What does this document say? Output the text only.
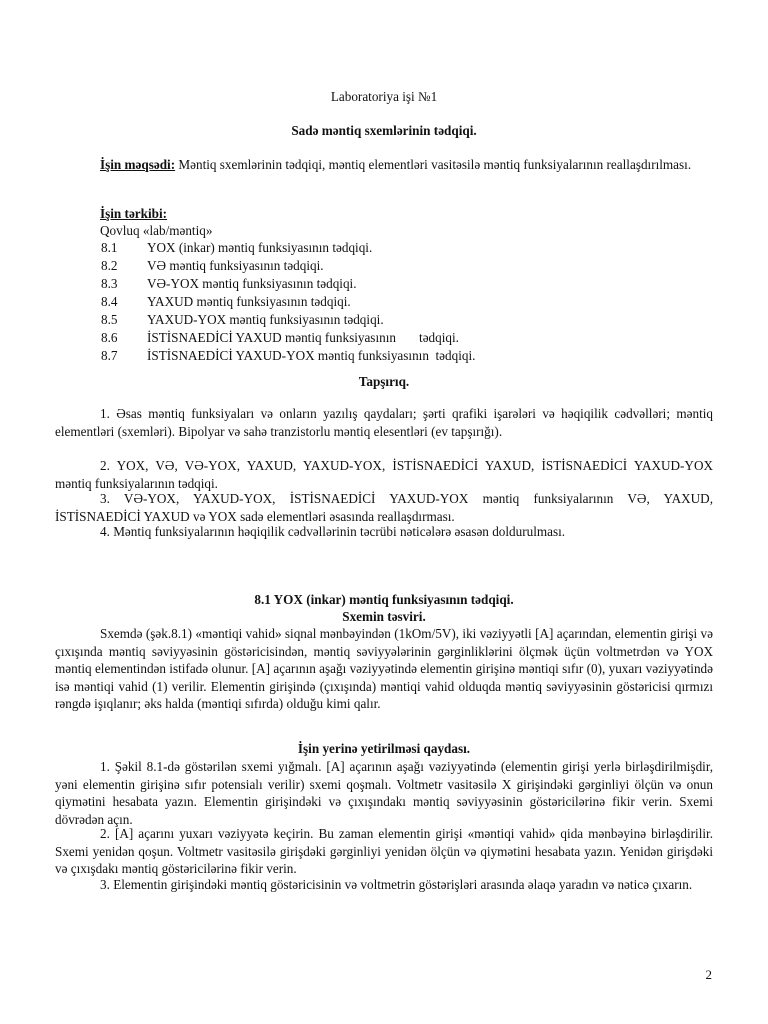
Laboratoriya işi №1

Sadə məntiq sxemlərinin tədqiqi.

İşin məqsədi: Məntiq sxemlərinin tədqiqi, məntiq elementləri vasitəsilə məntiq funksiyalarının reallaşdırılması.

İşin tərkibi:

Qovluq «lab/məntiq»

8.1 YOX (inkar) məntiq funksiyasının tədqiqi.
8.2 VƏ məntiq funksiyasının tədqiqi.
8.3 VƏ-YOX məntiq funksiyasının tədqiqi.
8.4 YAXUD məntiq funksiyasının tədqiqi.
8.5 YAXUD-YOX məntiq funksiyasının tədqiqi.
8.6 İSTİSNAEDİCİ YAXUD məntiq funksiyasının       tədqiqi.
8.7 İSTİSNAEDİCİ YAXUD-YOX məntiq funksiyasının  tədqiqi.

Tapşırıq.

1. Əsas məntiq funksiyaları və onların yazılış qaydaları; şərti qrafiki işarələri və həqiqilik cədvəlləri; məntiq elementləri (sxemləri). Bipolyar və sahə tranzistorlu məntiq elesentləri (ev tapşırığı).

2. YOX, VƏ, VƏ-YOX, YAXUD, YAXUD-YOX, İSTİSNAEDİCİ YAXUD, İSTİSNAEDİCİ YAXUD-YOX məntiq funksiyalarının tədqiqi.

3. VƏ-YOX, YAXUD-YOX, İSTİSNAEDİCİ YAXUD-YOX məntiq funksiyalarının VƏ, YAXUD, İSTİSNAEDİCİ YAXUD və YOX sadə elementləri əsasında reallaşdırması.

4. Məntiq funksiyalarının həqiqilik cədvəllərinin təcrübi nəticələrə əsasən doldurulması.

8.1 YOX (inkar) məntiq funksiyasının tədqiqi.

Sxemin təsviri.

Sxemdə (şək.8.1) «məntiqi vahid» siqnal mənbəyindən (1kOm/5V), iki vəziyyətli [A] açarından, elementin girişi və çıxışında məntiq səviyyəsinin göstəricisindən, məntiq səviyyələrinin gərginliklərini ölçmək üçün voltmetrdən və YOX məntiq elementindən istifadə olunur. [A] açarının aşağı vəziyyətində elementin girişinə məntiqi sıfır (0), yuxarı vəziyyətində isə məntiqi vahid (1) verilir. Elementin girişində (çıxışında) məntiqi vahid olduqda məntiq səviyyəsinin göstəricisi qırmızı rəngdə işıqlanır; əks halda (məntiqi sıfırda) olduğu kimi qalır.

İşin yerinə yetirilməsi qaydası.

1. Şəkil 8.1-də göstərilən sxemi yığmalı. [A] açarının aşağı vəziyyətində (elementin girişi yerlə birləşdirilmişdir, yəni elementin girişinə sıfır potensialı verilir) sxemi qoşmalı. Voltmetr vasitəsilə X girişindəki gərginliyi ölçün və onun qiymətini hesabata yazın. Elementin girişindəki və çıxışındakı məntiq səviyyəsinin göstəricilərinə fikir verin. Sxemi dövrədən açın.

2. [A] açarını yuxarı vəziyyətə keçirin. Bu zaman elementin girişi «məntiqi vahid» qida mənbəyinə birləşdirilir. Sxemi yenidən qoşun. Voltmetr vasitəsilə girişdəki gərginliyi yenidən ölçün və qiymətini hesabata yazın. Yenidən girişdəki və çıxışdakı məntiq göstəricilərinə fikir verin.

3. Elementin girişindəki məntiq göstəricisinin və voltmetrin göstərişləri arasında əlaqə yaradın və nəticə çıxarın.

2
